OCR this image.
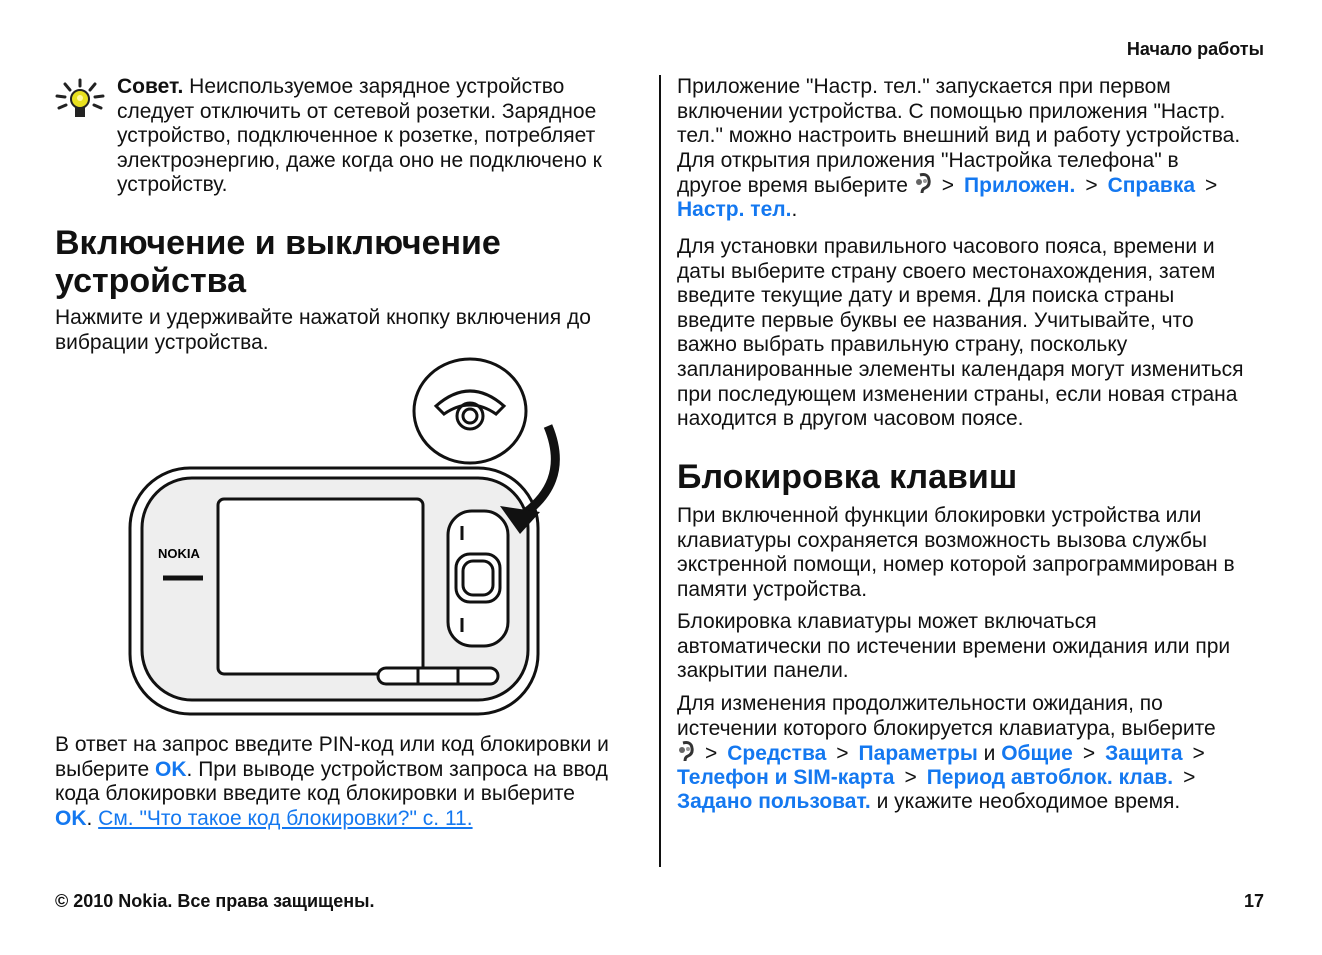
Начало работы
Совет. Неиспользуемое зарядное устройство
следует отключить от сетевой розетки. Зарядное
устройство, подключенное к розетке, потребляет
электроэнергию, даже когда оно не подключено к
устройству.
Включение и выключение
устройства
Нажмите и удерживайте нажатой кнопку включения до
вибрации устройства.
NOKIA
В ответ на запрос введите PIN-код или код блокировки и
выберите OK. При выводе устройством запроса на ввод
кода блокировки введите код блокировки и выберите
OK. См. "Что такое код блокировки?" с. 11.
Приложение "Настр. тел." запускается при первом
включении устройства. С помощью приложения "Настр.
тел." можно настроить внешний вид и работу устройства.
Для открытия приложения "Настройка телефона" в
другое время выберите > Приложен. > Справка >
Настр. тел..
Для установки правильного часового пояса, времени и
даты выберите страну своего местонахождения, затем
введите текущие дату и время. Для поиска страны
введите первые буквы ее названия. Учитывайте, что
важно выбрать правильную страну, поскольку
запланированные элементы календаря могут измениться
при последующем изменении страны, если новая страна
находится в другом часовом поясе.
Блокировка клавиш
При включенной функции блокировки устройства или
клавиатуры сохраняется возможность вызова службы
экстренной помощи, номер которой запрограммирован в
памяти устройства.
Блокировка клавиатуры может включаться
автоматически по истечении времени ожидания или при
закрытии панели.
Для изменения продолжительности ожидания, по
истечении которого блокируется клавиатура, выберите
> Средства > Параметры и Общие > Защита >
Телефон и SIM-карта > Период автоблок. клав. >
Задано пользоват. и укажите необходимое время.
© 2010 Nokia. Все права защищены.	17
